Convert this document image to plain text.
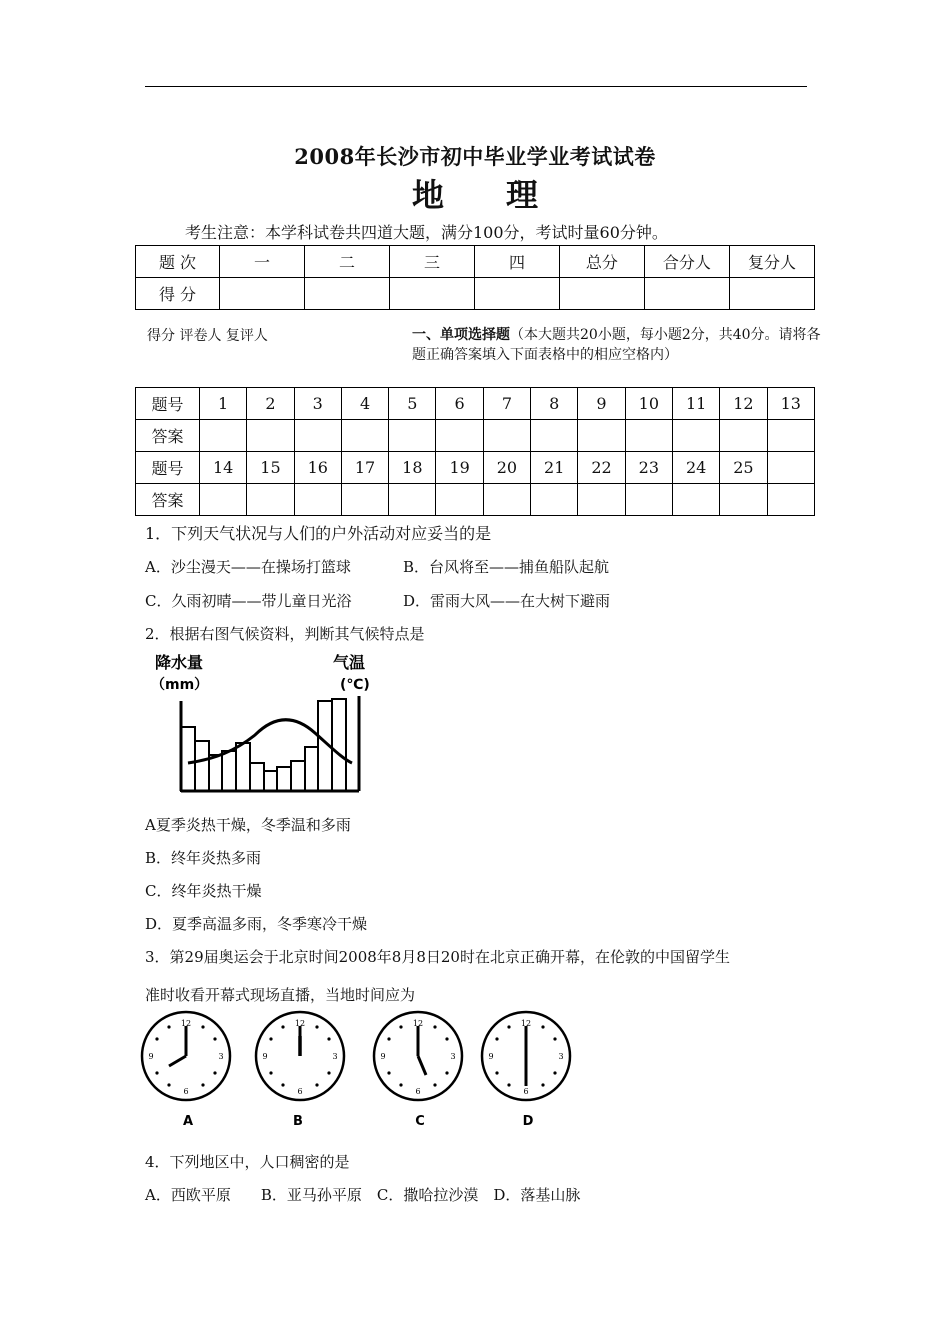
2008年长沙市初中毕业学业考试试卷
地 理
考生注意：本学科试卷共四道大题，满分100分，考试时量60分钟。
题 次	一	二	三	四	总分	合分人	复分人
得 分							
得分 评卷人 复评人	一、单项选择题（本大题共20小题，每小题2分，共40分。请将各题正确答案填入下面表格中的相应空格内）
题号	1	2	3	4	5	6	7	8	9	10	11	12	13
答案													
题号	14	15	16	17	18	19	20	21	22	23	24	25	
答案													
1．下列天气状况与人们的户外活动对应妥当的是
A．沙尘漫天——在操场打篮球	B．台风将至——捕鱼船队起航
C．久雨初晴——带儿童日光浴	D．雷雨大风——在大树下避雨
2．根据右图气候资料，判断其气候特点是
降水量
（mm）
气温
(℃)
A夏季炎热干燥，冬季温和多雨
B．终年炎热多雨
C．终年炎热干燥
D．夏季高温多雨，冬季寒冷干燥
3．第29届奥运会于北京时间2008年8月8日20时在北京正确开幕，在伦敦的中国留学生
准时收看开幕式现场直播，当地时间应为
12
3
6
9
A
12
3
6
9
B
12
3
6
9
C
12
3
6
9
D
4．下列地区中，人口稠密的是
A．西欧平原　　B．亚马孙平原　C．撒哈拉沙漠　D．落基山脉
